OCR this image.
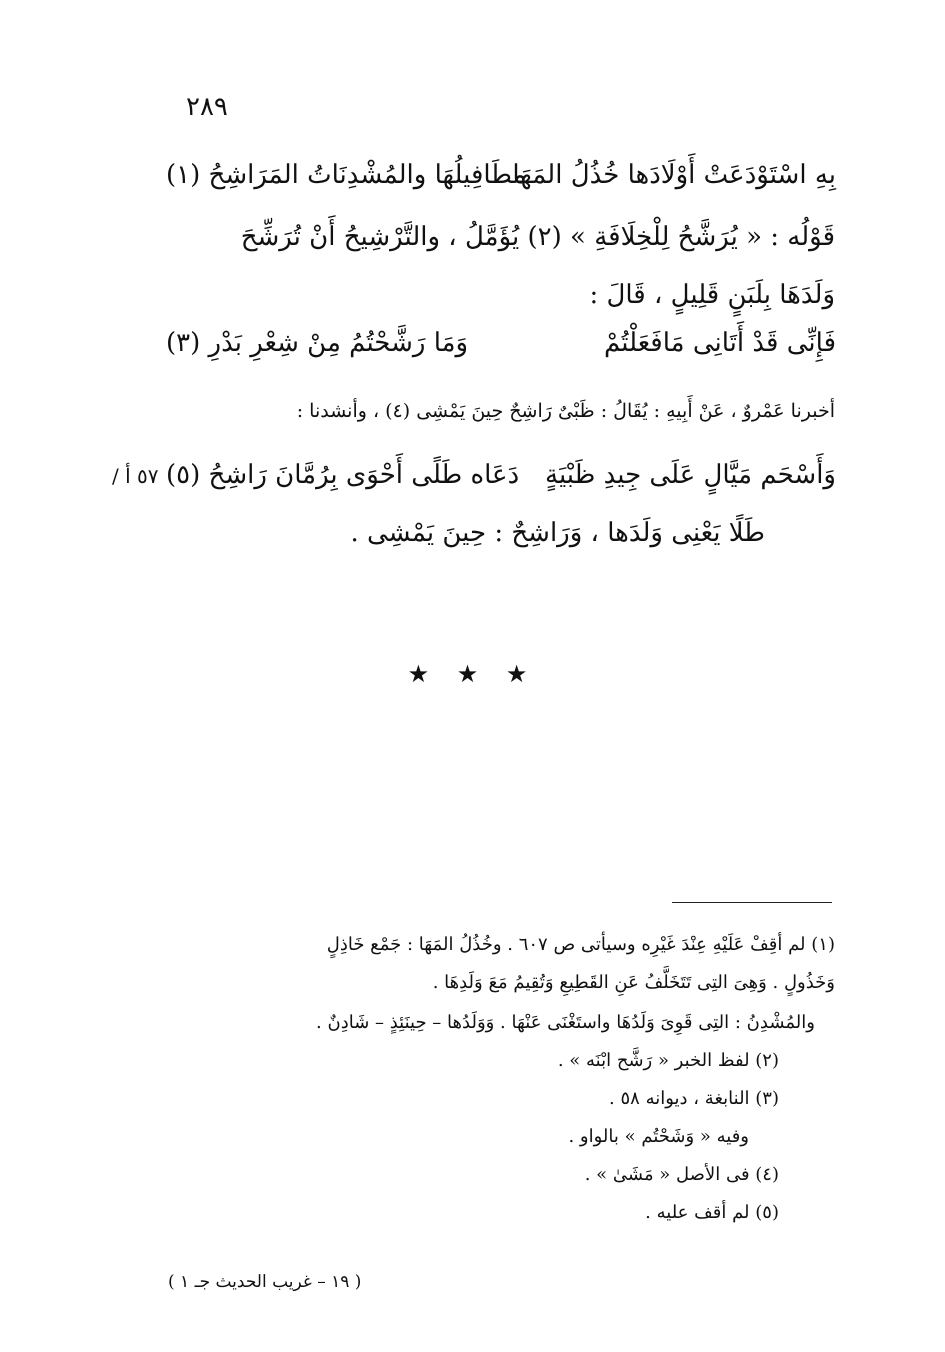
٢٨٩
بِهِ اسْتَوْدَعَتْ أَوْلَادَها خُذُلُ المَهَا
مطَافِيلُهَا والمُشْدِنَاتُ المَرَاشِحُ (١)
قَوْلُه : « يُرَشَّحُ لِلْخِلَافَةِ » (٢) يُؤَمَّلُ ، والتَّرْشِيحُ أَنْ تُرَشِّحَ
وَلَدَهَا بِلَبَنٍ قَلِيلٍ ، قَالَ :
فَإِنِّى قَدْ أَتَانِى مَافَعَلْتُمْ
وَمَا رَشَّحْتُمُ مِنْ شِعْرِ بَدْرِ (٣)
أخبرنا عَمْروٌ ، عَنْ أَبِيهِ : يُقَالُ : ظَبْىٌ رَاشِحٌ حِينَ يَمْشِى (٤) ، وأنشدنا :
وَأَسْحَم مَيَّالٍ عَلَى جِيدِ ظَبْيَةٍ
دَعَاه طَلًى أَحْوَى بِرُمَّانَ رَاشِحُ (٥)
٥٧ أ /
طَلًا يَعْنِى وَلَدَها ، وَرَاشِحٌ : حِينَ يَمْشِى .
★ ★ ★
(١) لم أقِفْ عَلَيْهِ عِنْدَ غَيْرِه وسيأتى ص ٦٠٧ . وخُذُلُ المَهَا : جَمْع خَاذِلٍ
وَخَذُولٍ . وَهِىَ التِى تَتَخَلَّفُ عَنِ القَطِيعِ وَتُقِيمُ مَعَ وَلَدِهَا .
والمُشْدِنُ : التِى قَوِىَ وَلَدُهَا واستَغْنَى عَنْهَا . وَوَلَدُها – حِينَئِذٍ – شَادِنٌ .
(٢) لفظ الخبر « رَشَّح ابْنَه » .
(٣) النابغة ، ديوانه ٥٨ .
وفيه « وَشَحْتُم » بالواو .
(٤) فى الأصل « مَشَىٰ » .
(٥) لم أقف عليه .
( ١٩ – غريب الحديث جـ ١ )
